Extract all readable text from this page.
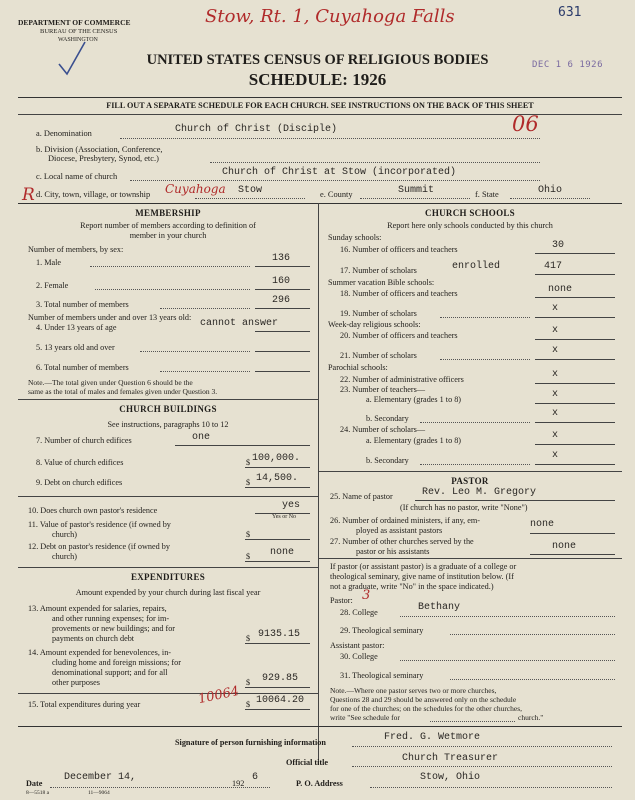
DEPARTMENT OF COMMERCE
BUREAU OF THE CENSUS
WASHINGTON
Stow, Rt. 1, Cuyahoga Falls	631
UNITED STATES CENSUS OF RELIGIOUS BODIES
SCHEDULE: 1926
DEC 1 6 1926
FILL OUT A SEPARATE SCHEDULE FOR EACH CHURCH. SEE INSTRUCTIONS ON THE BACK OF THIS SHEET
06
a. Denomination	Church of Christ (Disciple)
b. Division (Association, Conference,
Diocese, Presbytery, Synod, etc.)
c. Local name of church	Church of Christ at Stow (incorporated)
R d. City, town, village, or township Cuyahoga Stow	e. County	Summit	f. State	Ohio
MEMBERSHIP
Report number of members according to definition of
member in your church
Number of members, by sex:
1. Male	136
2. Female	160
3. Total number of members	296
Number of members under and over 13 years old:
4. Under 13 years of age	cannot answer
5. 13 years old and over
6. Total number of members
Note.—The total given under Question 6 should be the
same as the total of males and females given under Question 3.
CHURCH BUILDINGS
See instructions, paragraphs 10 to 12
7. Number of church edifices	one
8. Value of church edifices	$ 100,000.
9. Debt on church edifices	$ 14,500.
10. Does church own pastor's residence	yes
Yes or No
11. Value of pastor's residence (if owned by
church)	$
12. Debt on pastor's residence (if owned by
church)	$ none
EXPENDITURES
Amount expended by your church during last fiscal year
13. Amount expended for salaries, repairs,
and other running expenses; for im-
provements or new buildings; and for
payments on church debt	$ 9135.15
14. Amount expended for benevolences, in-
cluding home and foreign missions; for
denominational support; and for all
other purposes	$ 929.85
15. Total expenditures during year	10064 $ 10064.20
CHURCH SCHOOLS
Report here only schools conducted by this church
Sunday schools:
16. Number of officers and teachers	30
17. Number of scholars	enrolled	417
Summer vacation Bible schools:
18. Number of officers and teachers	none
19. Number of scholars	x
Week-day religious schools:
20. Number of officers and teachers	x
21. Number of scholars	x
Parochial schools:
22. Number of administrative officers	x
23. Number of teachers—
a. Elementary (grades 1 to 8)	x
b. Secondary	x
24. Number of scholars—
a. Elementary (grades 1 to 8)	x
b. Secondary	x
PASTOR
25. Name of pastor	Rev. Leo M. Gregory
(If church has no pastor, write "None")
26. Number of ordained ministers, if any, em-
ployed as assistant pastors
none
27. Number of other churches served by the
pastor or his assistants	none
If pastor (or assistant pastor) is a graduate of a college or
theological seminary, give name of institution below. (If
not a graduate, write "No" in the space indicated.)
Pastor: 3
28. College	Bethany
29. Theological seminary
Assistant pastor:
30. College
31. Theological seminary
Note.—Where one pastor serves two or more churches,
Questions 28 and 29 should be answered only on the schedule
for one of the churches; on the schedules for the other churches,
write "See schedule for	church."
Signature of person furnishing information	Fred. G. Wetmore
Official title	Church Treasurer
Date
December 14,
192
6
P. O. Address
Stow, Ohio
8—5518 a	11—9064
